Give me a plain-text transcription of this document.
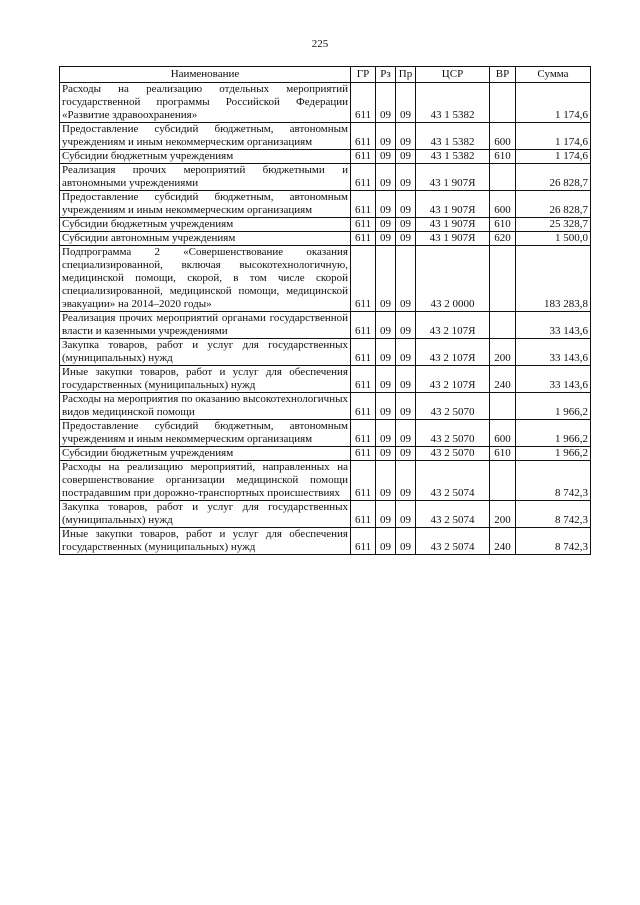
225
Наименование	ГР	Рз	Пр	ЦСР	ВР	Сумма
Расходы на реализацию отдельных мероприятий государственной программы Российской Федерации «Развитие здравоохранения»	611	09	09	43 1 5382		1 174,6
Предоставление субсидий бюджетным, автономным учреждениям и иным некоммерческим организациям	611	09	09	43 1 5382	600	1 174,6
Субсидии бюджетным учреждениям	611	09	09	43 1 5382	610	1 174,6
Реализация прочих мероприятий бюджетными и автономными учреждениями	611	09	09	43 1 907Я		26 828,7
Предоставление субсидий бюджетным, автономным учреждениям и иным некоммерческим организациям	611	09	09	43 1 907Я	600	26 828,7
Субсидии бюджетным учреждениям	611	09	09	43 1 907Я	610	25 328,7
Субсидии автономным учреждениям	611	09	09	43 1 907Я	620	1 500,0
Подпрограмма 2 «Совершенствование оказания специализированной, включая высокотехнологичную, медицинской помощи, скорой, в том числе скорой специализированной, медицинской помощи, медицинской эвакуации» на 2014–2020 годы»	611	09	09	43 2 0000		183 283,8
Реализация прочих мероприятий органами государственной власти и казенными учреждениями	611	09	09	43 2 107Я		33 143,6
Закупка товаров, работ и услуг для государственных (муниципальных) нужд	611	09	09	43 2 107Я	200	33 143,6
Иные закупки товаров, работ и услуг для обеспечения государственных (муниципальных) нужд	611	09	09	43 2 107Я	240	33 143,6
Расходы на мероприятия по оказанию высокотехнологичных видов медицинской помощи	611	09	09	43 2 5070		1 966,2
Предоставление субсидий бюджетным, автономным учреждениям и иным некоммерческим организациям	611	09	09	43 2 5070	600	1 966,2
Субсидии бюджетным учреждениям	611	09	09	43 2 5070	610	1 966,2
Расходы на реализацию мероприятий, направленных на совершенствование организации медицинской помощи пострадавшим при дорожно-транспортных происшествиях	611	09	09	43 2 5074		8 742,3
Закупка товаров, работ и услуг для государственных (муниципальных) нужд	611	09	09	43 2 5074	200	8 742,3
Иные закупки товаров, работ и услуг для обеспечения государственных (муниципальных) нужд	611	09	09	43 2 5074	240	8 742,3
